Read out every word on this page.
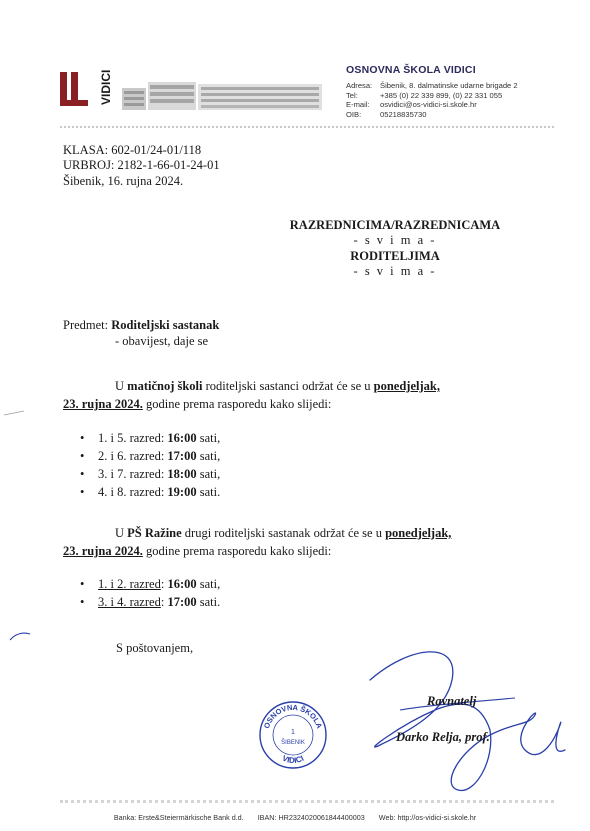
VIDICI	OSNOVNA ŠKOLA VIDICI
Adresa:	Šibenik, 8. dalmatinske udarne brigade 2
Tel:	+385 (0) 22 339 899, (0) 22 331 055
E-mail:	osvidici@os-vidici-si.skole.hr
OIB:	05218835730
KLASA: 602-01/24-01/118
URBROJ: 2182-1-66-01-24-01
Šibenik, 16. rujna 2024.
RAZREDNICIMA/RAZREDNICAMA
- s v i m a -
RODITELJIMA
- s v i m a -
Predmet: Roditeljski sastanak
- obavijest, daje se
U matičnoj školi roditeljski sastanci održat će se u ponedjeljak,
23. rujna 2024. godine prema rasporedu kako slijedi:
• 1. i 5. razred: 16:00 sati,
• 2. i 6. razred: 17:00 sati,
• 3. i 7. razred: 18:00 sati,
• 4. i 8. razred: 19:00 sati.
U PŠ Ražine drugi roditeljski sastanak održat će se u ponedjeljak,
23. rujna 2024. godine prema rasporedu kako slijedi:
• 1. i 2. razred: 16:00 sati,
• 3. i 4. razred: 17:00 sati.
S poštovanjem,
OSNOVNA ŠKOLA
VIDICI
1
ŠIBENIK
Ravnatelj
Darko Relja, prof.
Banka: Erste&Steiermärkische Bank d.d. IBAN: HR2324020061844400003 Web: http://os-vidici-si.skole.hr
